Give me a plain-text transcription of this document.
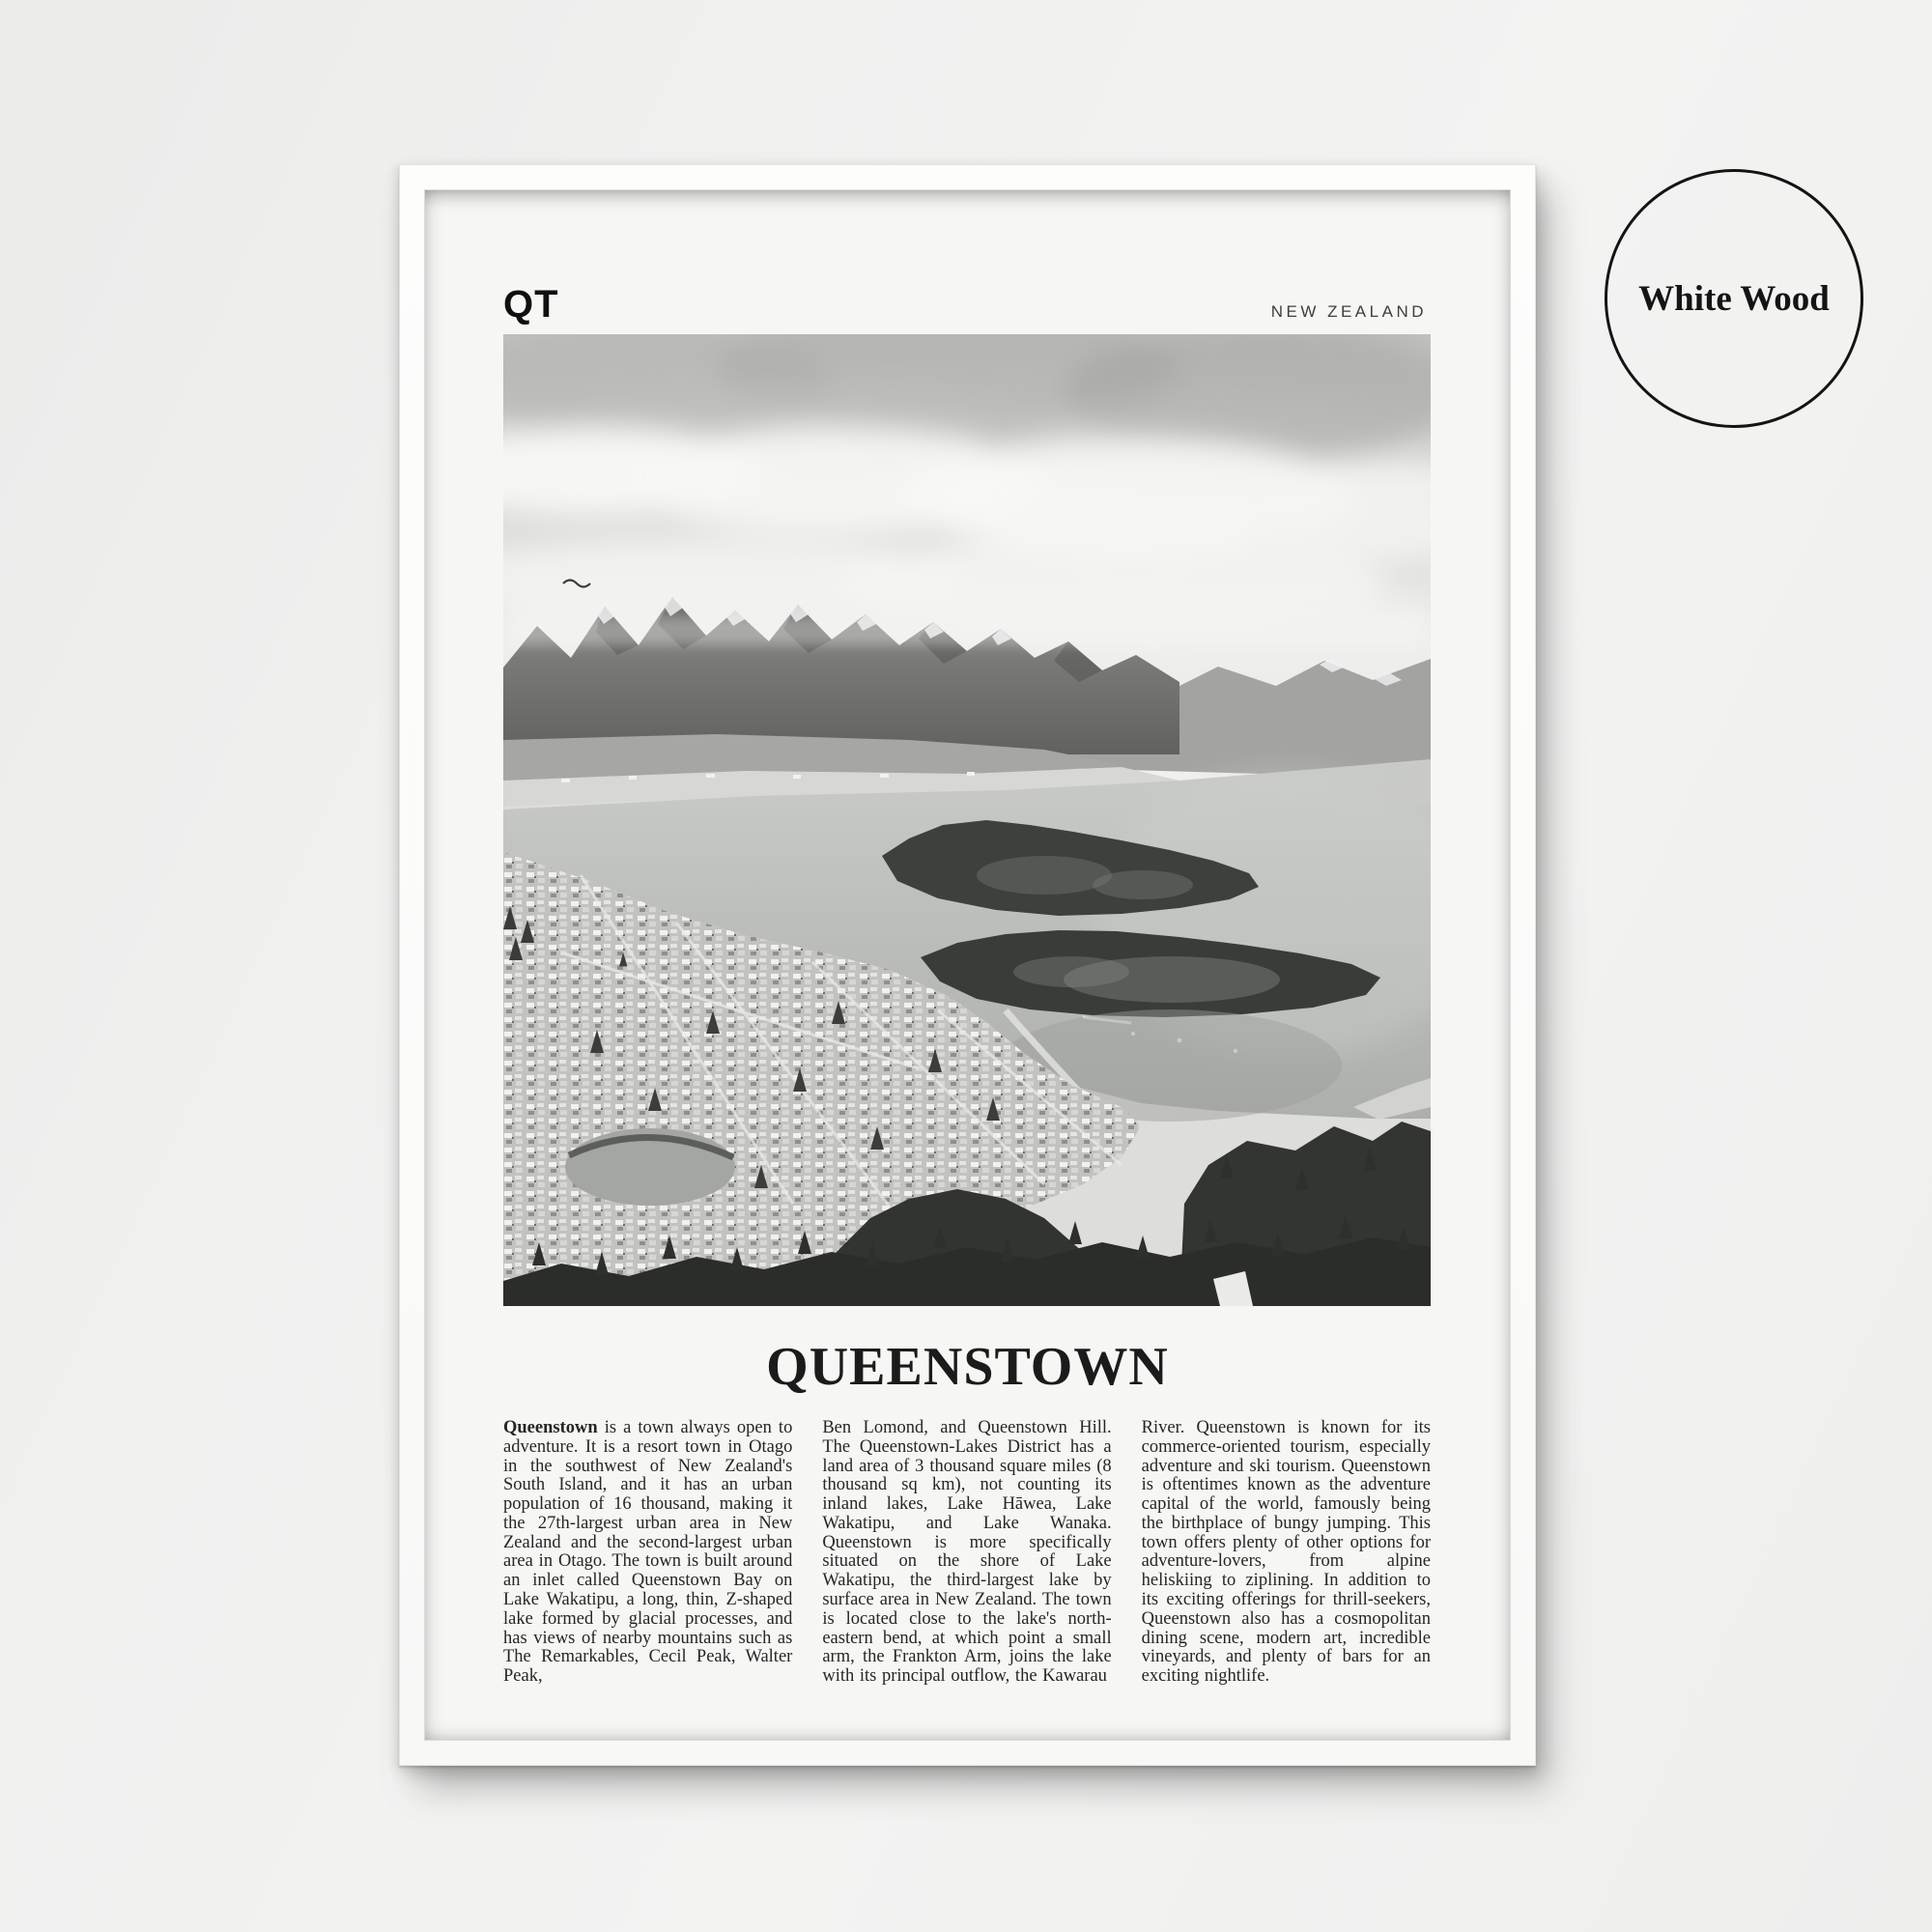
QT	NEW ZEALAND
QUEENSTOWN

Queenstown is a town always open to adventure. It is a resort town in Otago in the southwest of New Zealand's South Island, and it has an urban population of 16 thousand, making it the 27th-largest urban area in New Zealand and the second-largest urban area in Otago. The town is built around an inlet called Queenstown Bay on Lake Wakatipu, a long, thin, Z-shaped lake formed by glacial processes, and has views of nearby mountains such as The Remarkables, Cecil Peak, Walter Peak,

Ben Lomond, and Queenstown Hill. The Queenstown-Lakes District has a land area of 3 thousand square miles (8 thousand sq km), not counting its inland lakes, Lake Hāwea, Lake Wakatipu, and Lake Wanaka. Queenstown is more specifically situated on the shore of Lake Wakatipu, the third-largest lake by surface area in New Zealand. The town is located close to the lake's north-eastern bend, at which point a small arm, the Frankton Arm, joins the lake with its principal outflow, the Kawarau

River. Queenstown is known for its commerce-oriented tourism, especially adventure and ski tourism. Queenstown is oftentimes known as the adventure capital of the world, famously being the birthplace of bungy jumping. This town offers plenty of other options for adventure-lovers, from alpine heliskiing to ziplining. In addition to its exciting offerings for thrill-seekers, Queenstown also has a cosmopolitan dining scene, modern art, incredible vineyards, and plenty of bars for an exciting nightlife.

White Wood
